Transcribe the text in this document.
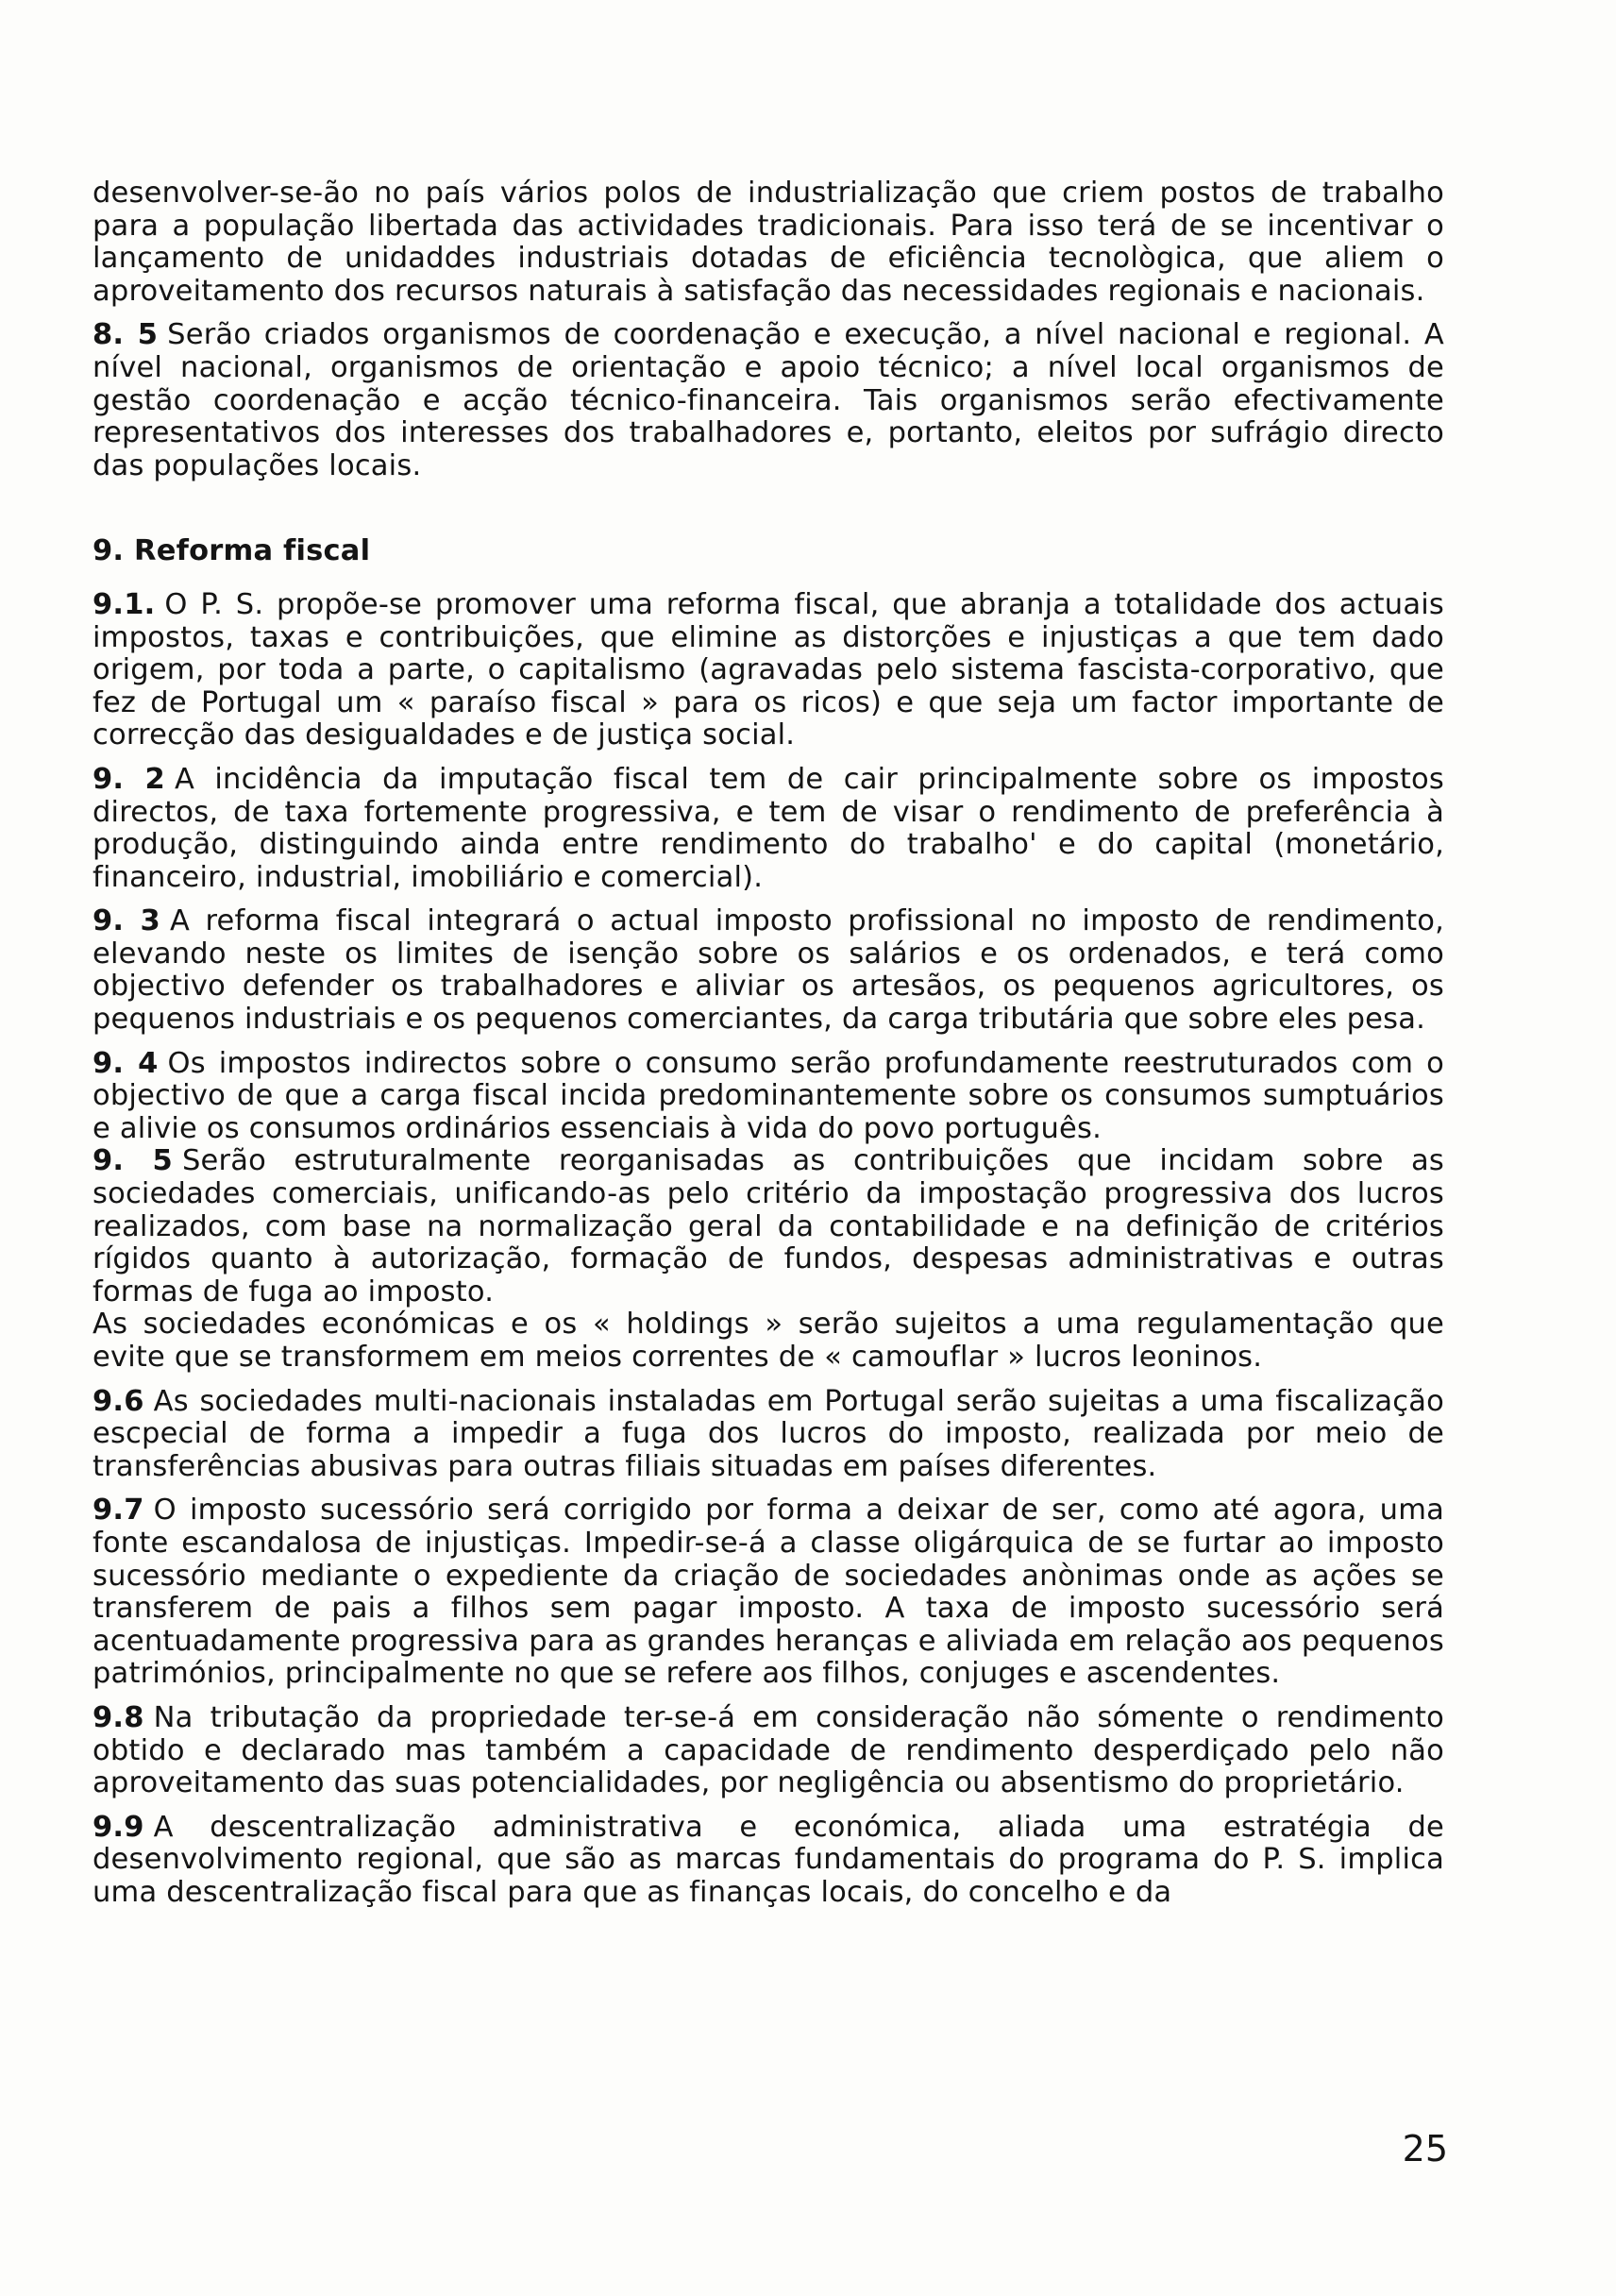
desenvolver-se-ão no país vários polos de industrialização que criem postos de trabalho para a população libertada das actividades tradicionais. Para isso terá de se incentivar o lançamento de unidaddes industriais dotadas de eficiência tecnològica, que aliem o aproveitamento dos recursos naturais à satisfação das necessidades regionais e nacionais.

8. 5 Serão criados organismos de coordenação e execução, a nível nacional e regional. A nível nacional, organismos de orientação e apoio técnico; a nível local organismos de gestão coordenação e acção técnico-financeira. Tais organismos serão efectivamente representativos dos interesses dos trabalhadores e, portanto, eleitos por sufrágio directo das populações locais.

9. Reforma fiscal

9.1. O P. S. propõe-se promover uma reforma fiscal, que abranja a totalidade dos actuais impostos, taxas e contribuições, que elimine as distorções e injustiças a que tem dado origem, por toda a parte, o capitalismo (agravadas pelo sistema fascista-corporativo, que fez de Portugal um « paraíso fiscal » para os ricos) e que seja um factor importante de correcção das desigualdades e de justiça social.

9. 2 A incidência da imputação fiscal tem de cair principalmente sobre os impostos directos, de taxa fortemente progressiva, e tem de visar o rendimento de preferência à produção, distinguindo ainda entre rendimento do trabalho' e do capital (monetário, financeiro, industrial, imobiliário e comercial).

9. 3 A reforma fiscal integrará o actual imposto profissional no imposto de rendimento, elevando neste os limites de isenção sobre os salários e os ordenados, e terá como objectivo defender os trabalhadores e aliviar os artesãos, os pequenos agricultores, os pequenos industriais e os pequenos comerciantes, da carga tributária que sobre eles pesa.

9. 4 Os impostos indirectos sobre o consumo serão profundamente reestruturados com o objectivo de que a carga fiscal incida predominantemente sobre os consumos sumptuários e alivie os consumos ordinários essenciais à vida do povo português.

9. 5 Serão estruturalmente reorganisadas as contribuições que incidam sobre as sociedades comerciais, unificando-as pelo critério da impostação progressiva dos lucros realizados, com base na normalização geral da contabilidade e na definição de critérios rígidos quanto à autorização, formação de fundos, despesas administrativas e outras formas de fuga ao imposto.

As sociedades económicas e os « holdings » serão sujeitos a uma regulamentação que evite que se transformem em meios correntes de « camouflar » lucros leoninos.

9.6 As sociedades multi-nacionais instaladas em Portugal serão sujeitas a uma fiscalização escpecial de forma a impedir a fuga dos lucros do imposto, realizada por meio de transferências abusivas para outras filiais situadas em países diferentes.

9.7 O imposto sucessório será corrigido por forma a deixar de ser, como até agora, uma fonte escandalosa de injustiças. Impedir-se-á a classe oligárquica de se furtar ao imposto sucessório mediante o expediente da criação de sociedades anònimas onde as ações se transferem de pais a filhos sem pagar imposto. A taxa de imposto sucessório será acentuadamente progressiva para as grandes heranças e aliviada em relação aos pequenos patrimónios, principalmente no que se refere aos filhos, conjuges e ascendentes.

9.8 Na tributação da propriedade ter-se-á em consideração não sómente o rendimento obtido e declarado mas também a capacidade de rendimento desperdiçado pelo não aproveitamento das suas potencialidades, por negligência ou absentismo do proprietário.

9.9 A descentralização administrativa e económica, aliada uma estratégia de desenvolvimento regional, que são as marcas fundamentais do programa do P. S. implica uma descentralização fiscal para que as finanças locais, do concelho e da

25
